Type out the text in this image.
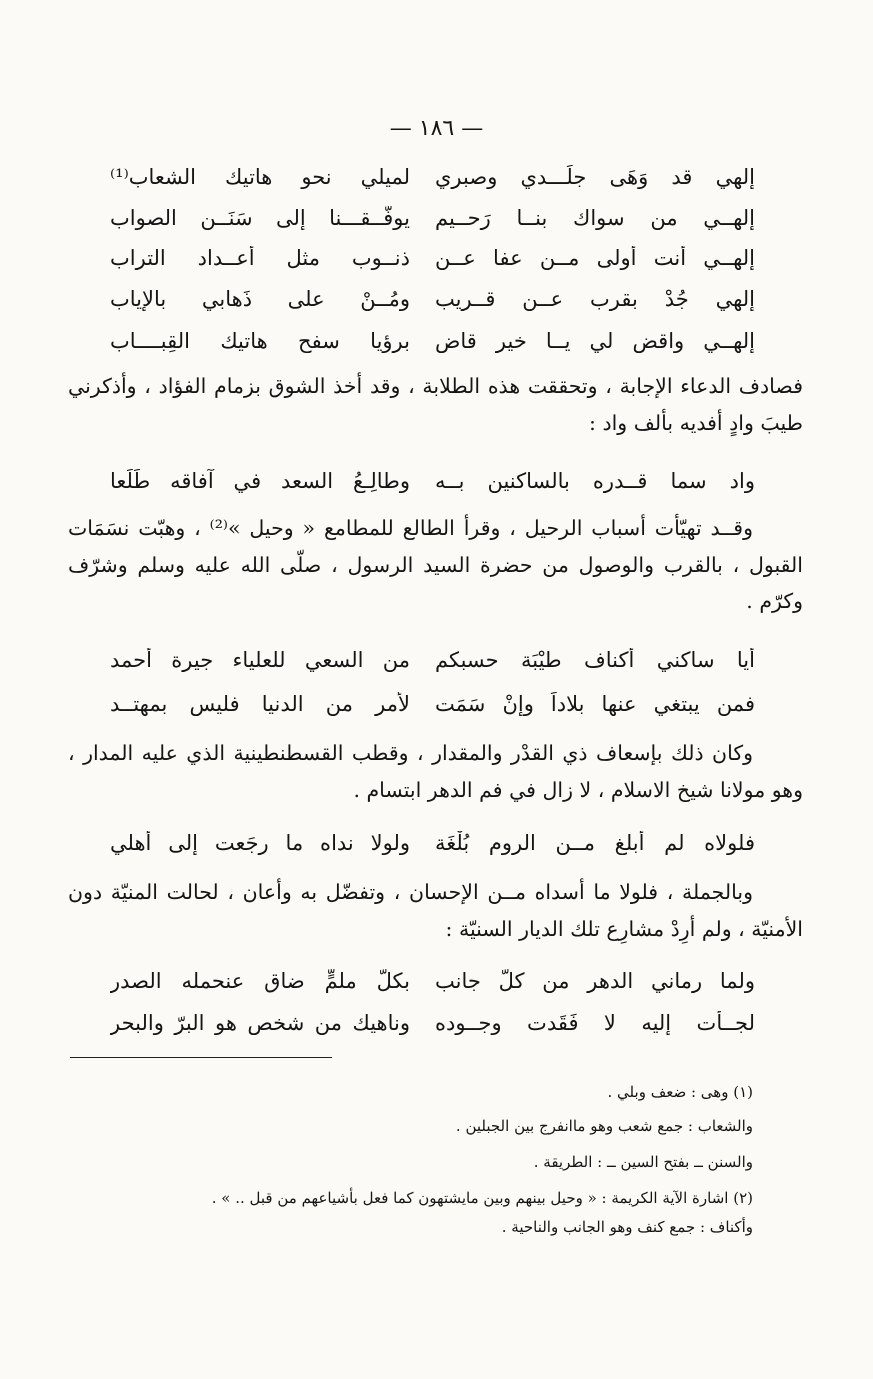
— ١٨٦ —
إلهي قد وَهَى جلَـــدي وصبري
لميلي نحو هاتيك الشعاب⁽¹⁾
إلهــي من سواك بنــا رَحــيم
يوفّــقـــنا إلى سَنَــن الصواب
إلهــي أنت أولى مــن عفا عــن
ذنــوب مثل أعــداد التراب
إلهي جُدْ بقرب عــن قــريب
ومُــنْ على ذَهابي بالإياب
إلهــي واقض لي يــا خير قاض
برؤيا سفح هاتيك القِبــــاب
فصادف الدعاء الإجابة ، وتحققت هذه الطلابة ، وقد أخذ الشوق بزمام الفؤاد ، وأذكرني طيبَ وادٍ أفديه بألف واد :
واد سما قــدره بالساكنين بــه
وطالِـعُ السعد في آفاقه طَلَعا
وقــد تهيّأت أسباب الرحيل ، وقرأ الطالع للمطامع « وحيل »⁽²⁾ ، وهبّت نسَمَات القبول ، بالقرب والوصول من حضرة السيد الرسول ، صلّى الله عليه وسلم وشرّف وكرّم .
أيا ساكني أكناف طيْبَة حسبكم
من السعي للعلياء جيرة أحمد
فمن يبتغي عنها بلاداً وإنْ سَمَت
لأمر من الدنيا فليس بمهتــد
وكان ذلك بإسعاف ذي القدْر والمقدار ، وقطب القسطنطينية الذي عليه المدار ، وهو مولانا شيخ الاسلام ، لا زال في فم الدهر ابتسام .
فلولاه لم أبلغ مــن الروم بُلْغَة
ولولا نداه ما رجَعت إلى أهلي
وبالجملة ، فلولا ما أسداه مــن الإحسان ، وتفضّل به وأعان ، لحالت المنيّة دون الأمنيّة ، ولم أرِدْ مشارِع تلك الديار السنيّة :
ولما رماني الدهر من كلّ جانب
بكلّ ملمٍّ ضاق عنحمله الصدر
لجــأت إليه لا فَقَدت وجــوده
وناهيك من شخص هو البرّ والبحر
(١) وهى : ضعف وبلي .
والشعاب : جمع شعب وهو ماانفرج بين الجبلين .
والسنن ــ بفتح السين ــ : الطريقة .
(٢) اشارة الآية الكريمة : « وحيل بينهم وبين مايشتهون كما فعل بأشياعهم من قبل .. » .
وأكناف : جمع كنف وهو الجانب والناحية .
